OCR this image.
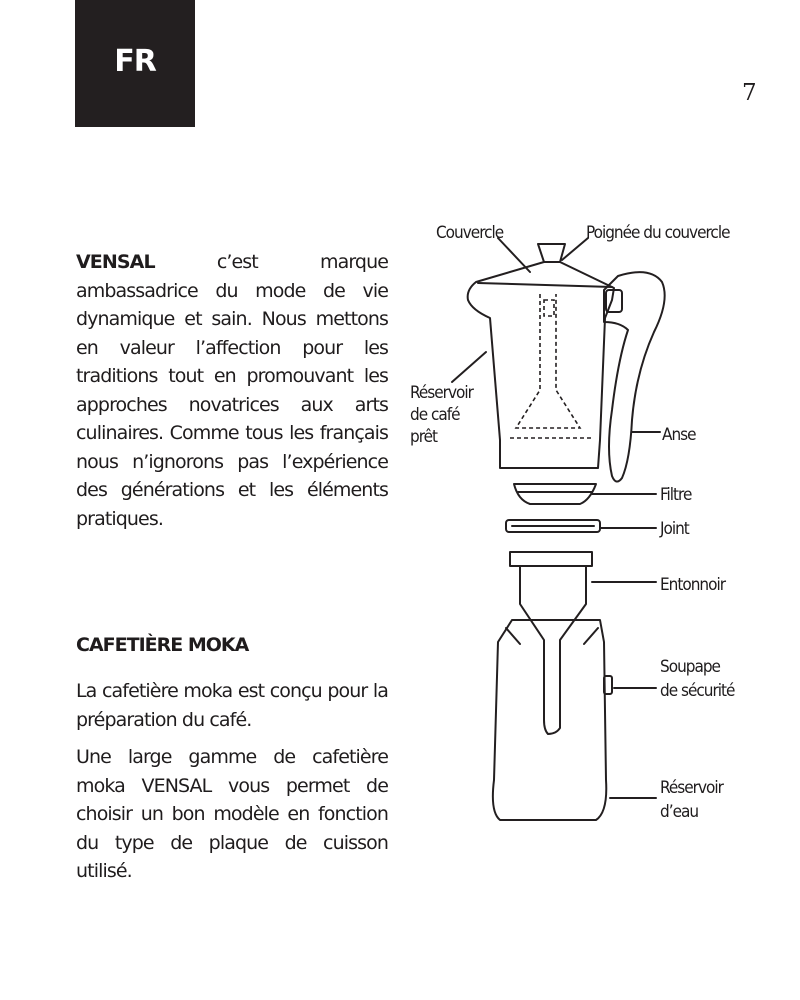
FR
7

VENSAL c’est marque ambassadrice du mode de vie dynamique et sain. Nous mettons en valeur l’affection pour les traditions tout en promouvant les approches novatrices aux arts culinaires. Comme tous les français nous n’ignorons pas l’expérience des générations et les éléments pratiques.

CAFETIÈRE MOKA

La cafetière moka est conçu pour la préparation du café.

Une large gamme de cafetière moka VENSAL vous permet de choisir un bon modèle en fonction du type de plaque de cuisson utilisé.

Couvercle	Poignée du couvercle
Réservoir
de café
prêt	Anse
Filtre
Joint
Entonnoir
Soupape
de sécurité
Réservoir
d’eau
